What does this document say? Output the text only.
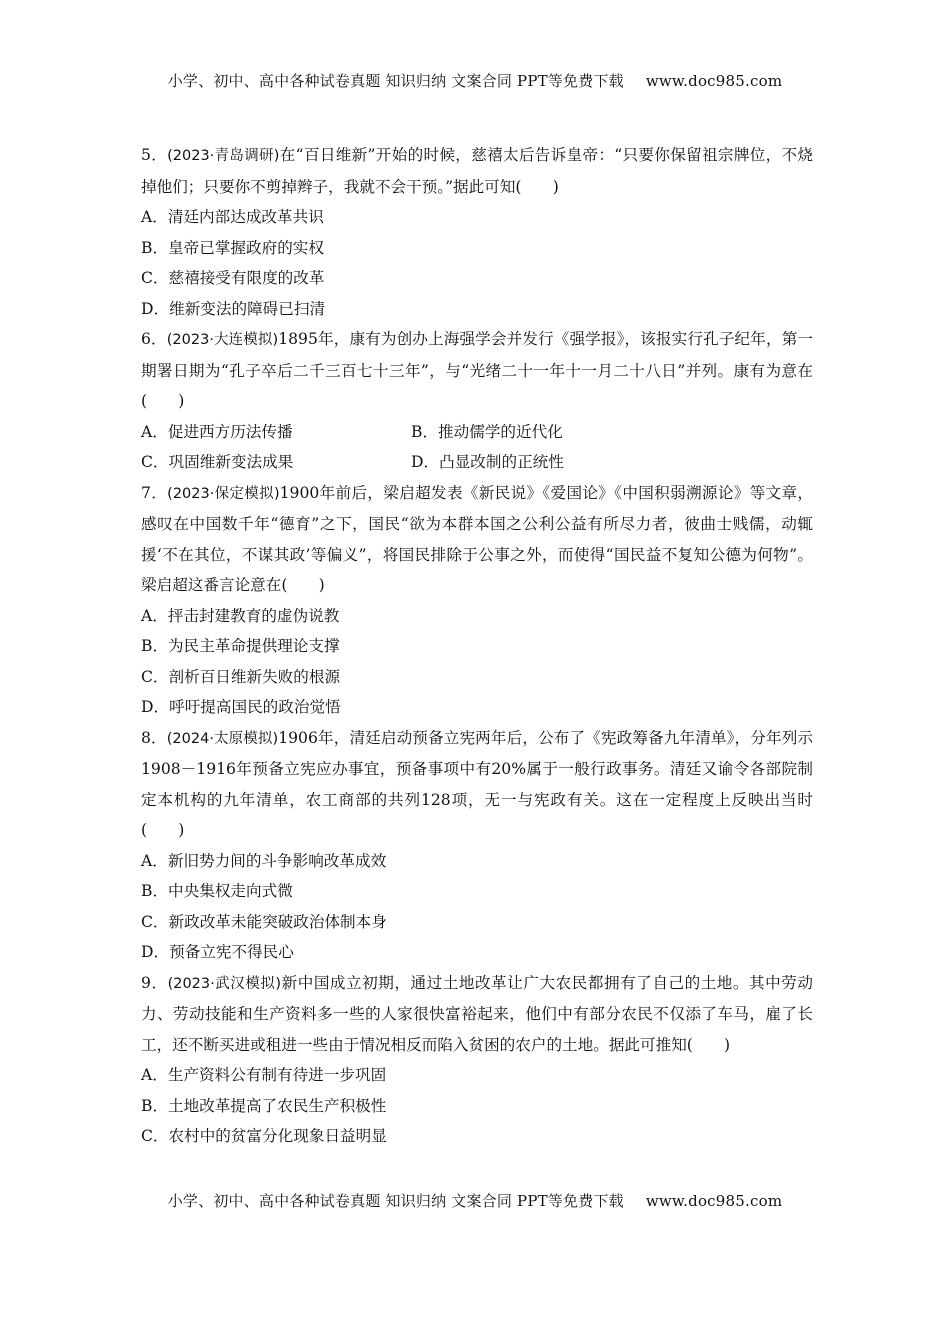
小学、初中、高中各种试卷真题 知识归纳 文案合同 PPT等免费下载 www.doc985.com

5．(2023·青岛调研)在“百日维新”开始的时候，慈禧太后告诉皇帝：“只要你保留祖宗牌位，不烧掉他们；只要你不剪掉辫子，我就不会干预。”据此可知(　　)

A．清廷内部达成改革共识

B．皇帝已掌握政府的实权

C．慈禧接受有限度的改革

D．维新变法的障碍已扫清

6．(2023·大连模拟)1895年，康有为创办上海强学会并发行《强学报》，该报实行孔子纪年，第一期署日期为“孔子卒后二千三百七十三年”，与“光绪二十一年十一月二十八日”并列。康有为意在(　　)

A．促进西方历法传播	B．推动儒学的近代化

C．巩固维新变法成果	D．凸显改制的正统性

7．(2023·保定模拟)1900年前后，梁启超发表《新民说》《爱国论》《中国积弱溯源论》等文章，感叹在中国数千年“德育”之下，国民“欲为本群本国之公利公益有所尽力者，彼曲士贱儒，动辄援‘不在其位，不谋其政’等偏义”，将国民排除于公事之外，而使得“国民益不复知公德为何物”。梁启超这番言论意在(　　)

A．抨击封建教育的虚伪说教

B．为民主革命提供理论支撑

C．剖析百日维新失败的根源

D．呼吁提高国民的政治觉悟

8．(2024·太原模拟)1906年，清廷启动预备立宪两年后，公布了《宪政筹备九年清单》，分年列示1908－1916年预备立宪应办事宜，预备事项中有20%属于一般行政事务。清廷又谕令各部院制定本机构的九年清单，农工商部的共列128项，无一与宪政有关。这在一定程度上反映出当时(　　)

A．新旧势力间的斗争影响改革成效

B．中央集权走向式微

C．新政改革未能突破政治体制本身

D．预备立宪不得民心

9．(2023·武汉模拟)新中国成立初期，通过土地改革让广大农民都拥有了自己的土地。其中劳动力、劳动技能和生产资料多一些的人家很快富裕起来，他们中有部分农民不仅添了车马，雇了长工，还不断买进或租进一些由于情况相反而陷入贫困的农户的土地。据此可推知(　　)

A．生产资料公有制有待进一步巩固

B．土地改革提高了农民生产积极性

C．农村中的贫富分化现象日益明显

小学、初中、高中各种试卷真题 知识归纳 文案合同 PPT等免费下载 www.doc985.com
